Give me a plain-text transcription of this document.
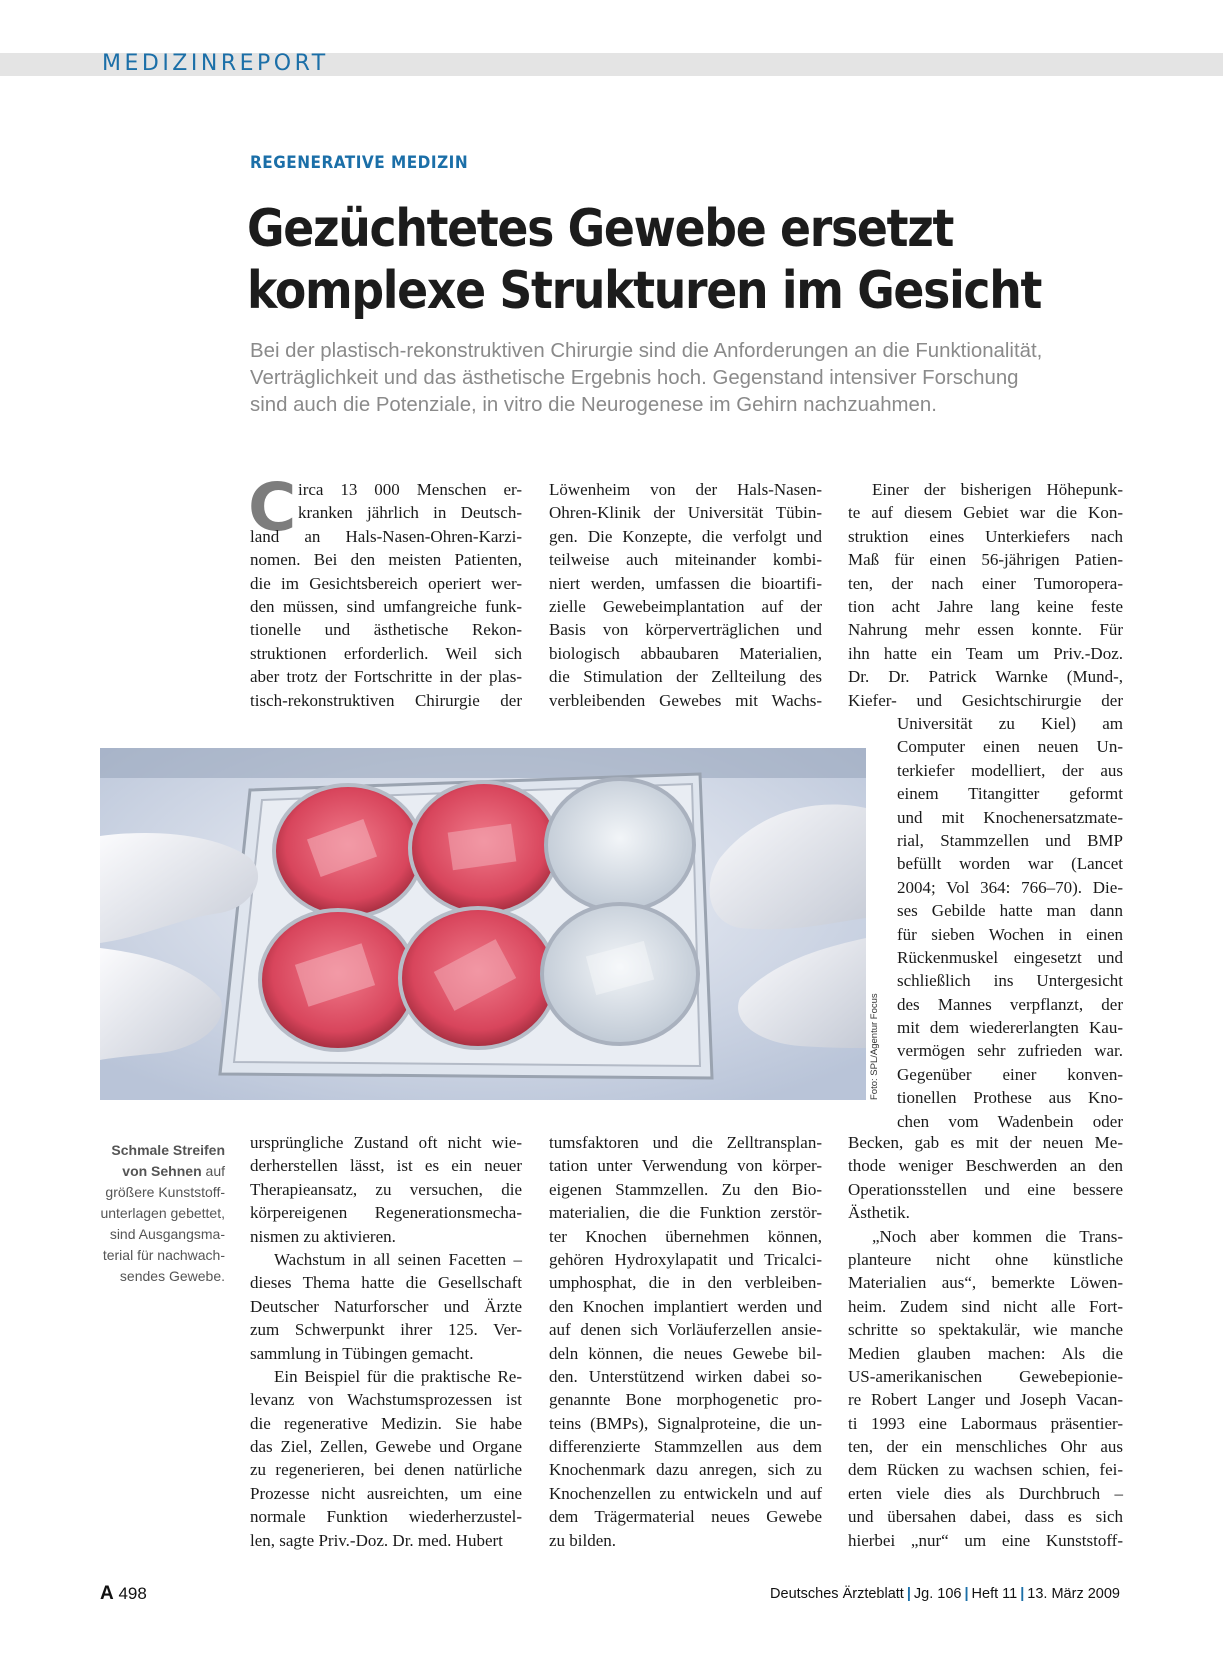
MEDIZINREPORT
REGENERATIVE MEDIZIN
Gezüchtetes Gewebe ersetzt
komplexe Strukturen im Gesicht
Bei der plastisch-rekonstruktiven Chirurgie sind die Anforderungen an die Funktionalität,
Verträglichkeit und das ästhetische Ergebnis hoch. Gegenstand intensiver Forschung
sind auch die Potenziale, in vitro die Neurogenese im Gehirn nachzuahmen.
C irca 13 000 Menschen er-
kranken jährlich in Deutsch-
land an Hals-Nasen-Ohren-Karzi-
nomen. Bei den meisten Patienten,
die im Gesichtsbereich operiert wer-
den müssen, sind umfangreiche funk-
tionelle und ästhetische Rekon-
struktionen erforderlich. Weil sich
aber trotz der Fortschritte in der plas-
tisch-rekonstruktiven Chirurgie der
ursprüngliche Zustand oft nicht wie-
derherstellen lässt, ist es ein neuer
Therapieansatz, zu versuchen, die
körpereigenen Regenerationsmecha-
nismen zu aktivieren.
Wachstum in all seinen Facetten –
dieses Thema hatte die Gesellschaft
Deutscher Naturforscher und Ärzte
zum Schwerpunkt ihrer 125. Ver-
sammlung in Tübingen gemacht.
Ein Beispiel für die praktische Re-
levanz von Wachstumsprozessen ist
die regenerative Medizin. Sie habe
das Ziel, Zellen, Gewebe und Organe
zu regenerieren, bei denen natürliche
Prozesse nicht ausreichten, um eine
normale Funktion wiederherzustel-
len, sagte Priv.-Doz. Dr. med. Hubert
Löwenheim von der Hals-Nasen-
Ohren-Klinik der Universität Tübin-
gen. Die Konzepte, die verfolgt und
teilweise auch miteinander kombi-
niert werden, umfassen die bioartifi-
zielle Gewebeimplantation auf der
Basis von körperverträglichen und
biologisch abbaubaren Materialien,
die Stimulation der Zellteilung des
verbleibenden Gewebes mit Wachs-
tumsfaktoren und die Zelltransplan-
tation unter Verwendung von körper-
eigenen Stammzellen. Zu den Bio-
materialien, die die Funktion zerstör-
ter Knochen übernehmen können,
gehören Hydroxylapatit und Tricalci-
umphosphat, die in den verbleiben-
den Knochen implantiert werden und
auf denen sich Vorläuferzellen ansie-
deln können, die neues Gewebe bil-
den. Unterstützend wirken dabei so-
genannte Bone morphogenetic pro-
teins (BMPs), Signalproteine, die un-
differenzierte Stammzellen aus dem
Knochenmark dazu anregen, sich zu
Knochenzellen zu entwickeln und auf
dem Trägermaterial neues Gewebe
zu bilden.
Einer der bisherigen Höhepunk-
te auf diesem Gebiet war die Kon-
struktion eines Unterkiefers nach
Maß für einen 56-jährigen Patien-
ten, der nach einer Tumoropera-
tion acht Jahre lang keine feste
Nahrung mehr essen konnte. Für
ihn hatte ein Team um Priv.-Doz.
Dr. Dr. Patrick Warnke (Mund-,
Kiefer- und Gesichtschirurgie der
Universität zu Kiel) am
Computer einen neuen Un-
terkiefer modelliert, der aus
einem Titangitter geformt
und mit Knochenersatzmate-
rial, Stammzellen und BMP
befüllt worden war (Lancet
2004; Vol 364: 766–70). Die-
ses Gebilde hatte man dann
für sieben Wochen in einen
Rückenmuskel eingesetzt und
schließlich ins Untergesicht
des Mannes verpflanzt, der
mit dem wiedererlangten Kau-
vermögen sehr zufrieden war.
Gegenüber einer konven-
tionellen Prothese aus Kno-
chen vom Wadenbein oder
Becken, gab es mit der neuen Me-
thode weniger Beschwerden an den
Operationsstellen und eine bessere
Ästhetik.
„Noch aber kommen die Trans-
planteure nicht ohne künstliche
Materialien aus“, bemerkte Löwen-
heim. Zudem sind nicht alle Fort-
schritte so spektakulär, wie manche
Medien glauben machen: Als die
US-amerikanischen Gewebepionie-
re Robert Langer und Joseph Vacan-
ti 1993 eine Labormaus präsentier-
ten, der ein menschliches Ohr aus
dem Rücken zu wachsen schien, fei-
erten viele dies als Durchbruch –
und übersahen dabei, dass es sich
hierbei „nur“ um eine Kunststoff-
Foto: SPL/Agentur Focus
Schmale Streifen
von Sehnen auf
größere Kunststoff-
unterlagen gebettet,
sind Ausgangsma-
terial für nachwach-
sendes Gewebe.
A 498	Deutsches Ärzteblatt | Jg. 106 | Heft 11 | 13. März 2009
